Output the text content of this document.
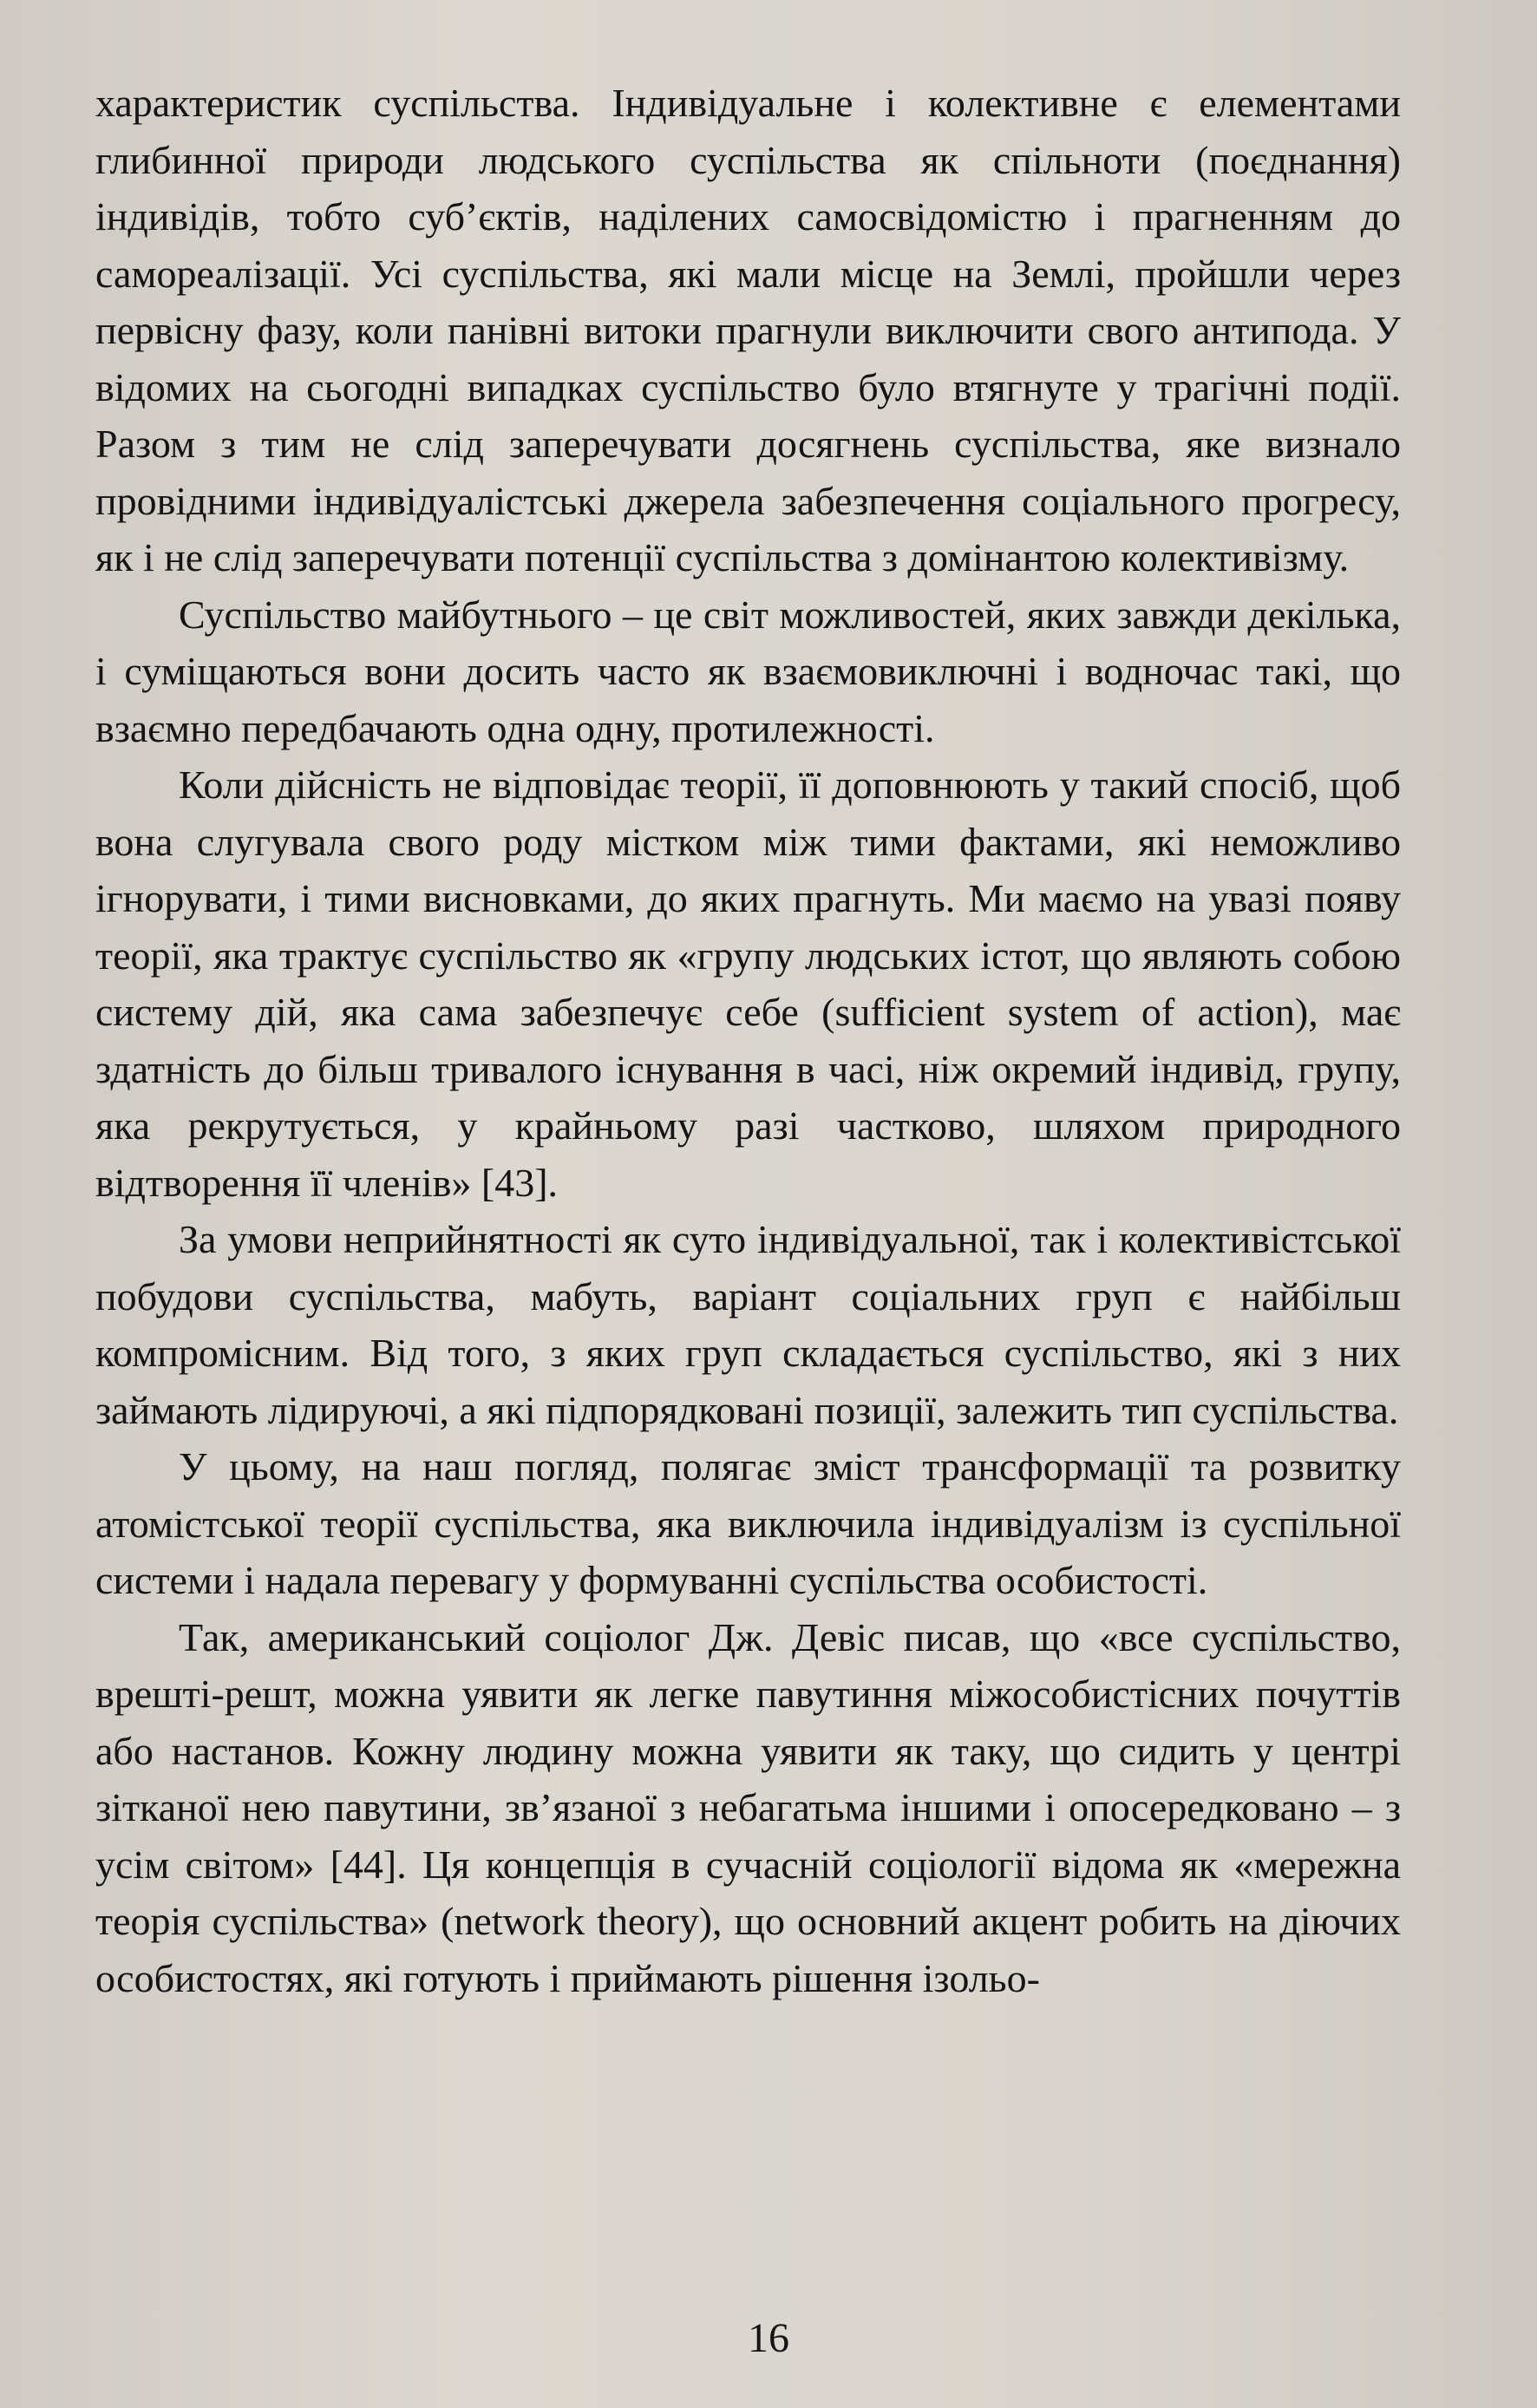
характеристик суспільства. Індивідуальне і колективне є елементами глибинної природи людського суспільства як спільноти (поєднання) індивідів, тобто суб’єктів, наділених самосвідомістю і прагненням до самореалізації. Усі суспільства, які мали місце на Землі, пройшли через первісну фазу, коли панівні витоки прагнули виключити свого антипода. У відомих на сьогодні випадках суспільство було втягнуте у трагічні події. Разом з тим не слід заперечувати досягнень суспільства, яке визнало провідними індивідуалістські джерела забезпечення соціального прогресу, як і не слід заперечувати потенції суспільства з домінантою колективізму.

Суспільство майбутнього – це світ можливостей, яких завжди декілька, і суміщаються вони досить часто як взаємовиключні і водночас такі, що взаємно передбачають одна одну, протилежності.

Коли дійсність не відповідає теорії, її доповнюють у такий спосіб, щоб вона слугувала свого роду містком між тими фактами, які неможливо ігнорувати, і тими висновками, до яких прагнуть. Ми маємо на увазі появу теорії, яка трактує суспільство як «групу людських істот, що являють собою систему дій, яка сама забезпечує себе (sufficient system of action), має здатність до більш тривалого існування в часі, ніж окремий індивід, групу, яка рекрутується, у крайньому разі частково, шляхом природного відтворення її членів» [43].

За умови неприйнятності як суто індивідуальної, так і колективістської побудови суспільства, мабуть, варіант соціальних груп є найбільш компромісним. Від того, з яких груп складається суспільство, які з них займають лідируючі, а які підпорядковані позиції, залежить тип суспільства.

У цьому, на наш погляд, полягає зміст трансформації та розвитку атомістської теорії суспільства, яка виключила індивідуалізм із суспільної системи і надала перевагу у формуванні суспільства особистості.

Так, американський соціолог Дж. Девіс писав, що «все суспільство, врешті-решт, можна уявити як легке павутиння міжособистісних почуттів або настанов. Кожну людину можна уявити як таку, що сидить у центрі зітканої нею павутини, зв’язаної з небагатьма іншими і опосередковано – з усім світом» [44]. Ця концепція в сучасній соціології відома як «мережна теорія суспільства» (network theory), що основний акцент робить на діючих особистостях, які готують і приймають рішення ізольо-

16
